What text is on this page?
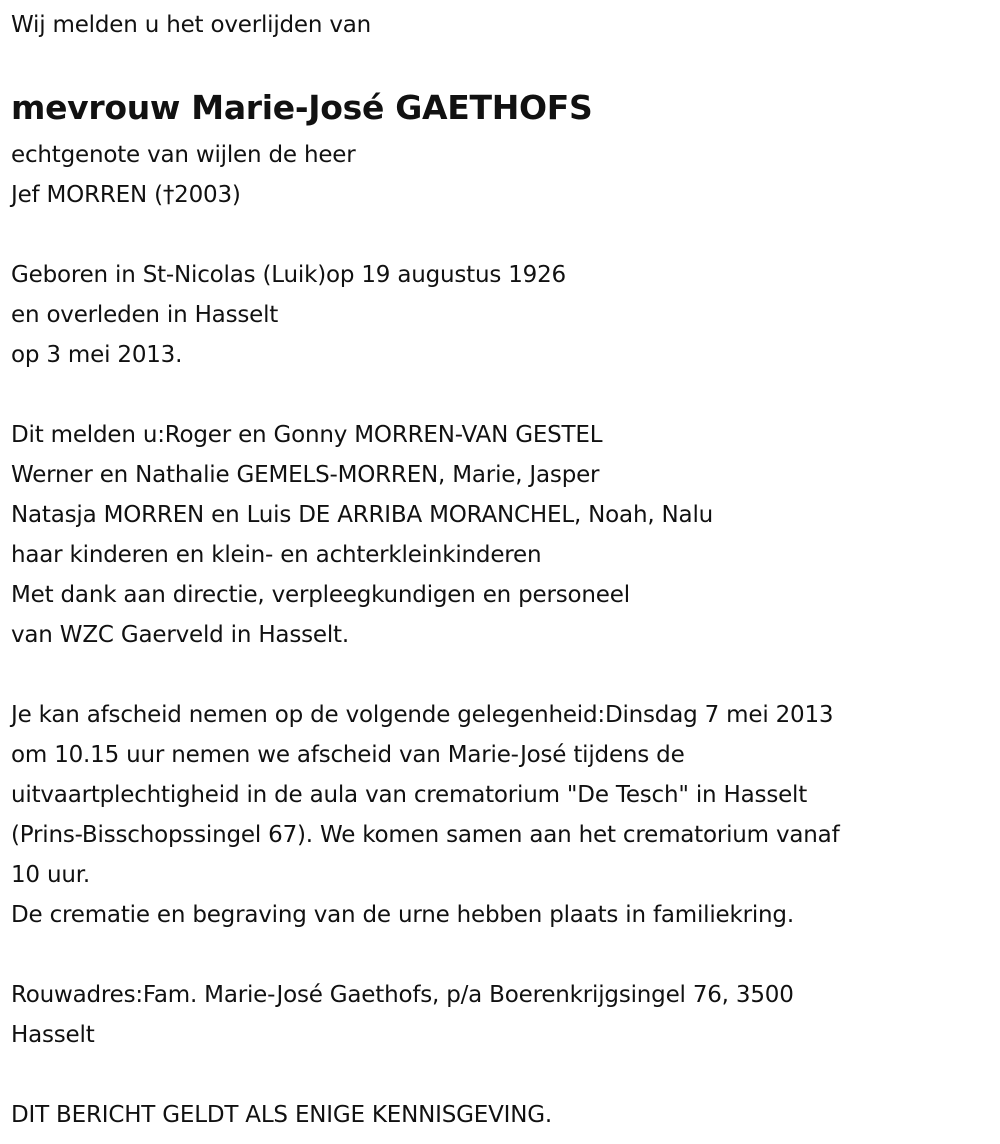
Wij melden u het overlijden van
mevrouw Marie-José GAETHOFS
echtgenote van wijlen de heer
Jef MORREN (†2003)
Geboren in St-Nicolas (Luik)op 19 augustus 1926
en overleden in Hasselt
op 3 mei 2013.
Dit melden u:Roger en Gonny MORREN-VAN GESTEL
Werner en Nathalie GEMELS-MORREN, Marie, Jasper
Natasja MORREN en Luis DE ARRIBA MORANCHEL, Noah, Nalu
haar kinderen en klein- en achterkleinkinderen
Met dank aan directie, verpleegkundigen en personeel
van WZC Gaerveld in Hasselt.
Je kan afscheid nemen op de volgende gelegenheid:Dinsdag 7 mei 2013
om 10.15 uur nemen we afscheid van Marie-José tijdens de
uitvaartplechtigheid in de aula van crematorium "De Tesch" in Hasselt
(Prins-Bisschopssingel 67). We komen samen aan het crematorium vanaf
10 uur.
De crematie en begraving van de urne hebben plaats in familiekring.
Rouwadres:Fam. Marie-José Gaethofs, p/a Boerenkrijgsingel 76, 3500
Hasselt
DIT BERICHT GELDT ALS ENIGE KENNISGEVING.
